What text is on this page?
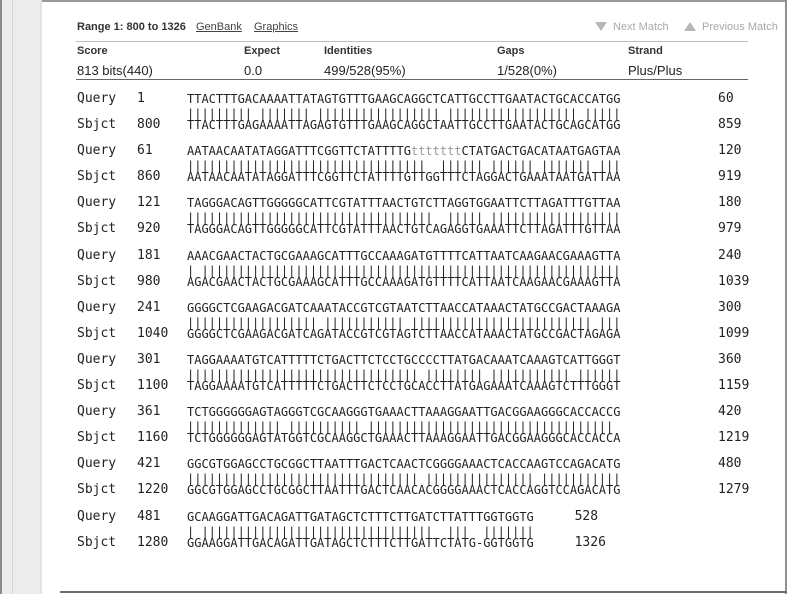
Range 1: 800 to 1326 GenBank Graphics	Next Match	Previous Match
Score	Expect	Identities	Gaps	Strand
813 bits(440)	0.0	499/528(95%)	1/528(0%)	Plus/Plus
Query 1	TTACTTTGACAAAATTATAGTGTTTGAAGCAGGCTCATTGCCTTGAATACTGCACCATGG	60
||||||||| ||||||| ||||||||||||||||| |||||||||||||||||| |||||
Sbjct 800 TTACTTTGAGAAAATTAGAGTGTTTGAAGCAGGCTAATTGCCTTGAATACTGCAGCATGG	859
Query 61	AATAACAATATAGGATTTCGGTTCTATTTTGtttttttCTATGACTGACATAATGAGTAA	120
|||||||||||||||||||||||||||||||||  |||||| |||||| ||||||| |||
Sbjct 860 AATAACAATATAGGATTTCGGTTCTATTTTGTTGGTTTCTAGGACTGAAATAATGATTAA	919
Query 121 TAGGGACAGTTGGGGGCATTCGTATTTAACTGTCTTAGGTGGAATTCTTAGATTTGTTAA	180
||||||||||||||||||||||||||||||||||  ||||| ||||||||||||||||||
Sbjct 920 TAGGGACAGTTGGGGGCATTCGTATTTAACTGTCAGAGGTGAAATTCTTAGATTTGTTAA	979
Query 181 AAACGAACTACTGCGAAAGCATTTGCCAAAGATGTTTTCATTAATCAAGAACGAAAGTTA	240
| ||||||||||||||||||||||||||||||||||||||||||||||||||||||||||
Sbjct 980 AGACGAACTACTGCGAAAGCATTTGCCAAAGATGTTTTCATTAATCAAGAACGAAAGTTA	1039
Query 241 GGGGCTCGAAGACGATCAAATACCGTCGTAATCTTAACCATAAACTATGCCGACTAAAGA	300
|||||||||||||||||| ||||||||||| ||||||||||||||||||||||||| |||
Sbjct 1040 GGGGCTCGAAGACGATCAGATACCGTCGTAGTCTTAACCATAAACTATGCCGACTAGAGA	1099
Query 301 TAGGAAAATGTCATTTTTCTGACTTCTCCTGCCCCTTATGACAAATCAAAGTCATTGGGT	360
|||||||||||||||||||||||||||||||| |||||||| ||||||||||| ||||||
Sbjct 1100 TAGGAAAATGTCATTTTTCTGACTTCTCCTGCACCTTATGAGAAATCAAAGTCTTTGGGT	1159
Query 361 TCTGGGGGGAGTAGGGTCGCAAGGGTGAAACTTAAAGGAATTGACGGAAGGGCACCACCG	420
||||||||||||| |||||||||| ||||||||||||||||||||||||||||||||||
Sbjct 1160 TCTGGGGGGAGTATGGTCGCAAGGCTGAAACTTAAAGGAATTGACGGAAGGGCACCACCA	1219
Query 421 GGCGTGGAGCCTGCGGCTTAATTTGACTCAACTCGGGGAAACTCACCAAGTCCAGACATG	480
|||||||||||||||||||||||||||||||| ||||||||||||||| |||||||||||
Sbjct 1220 GGCGTGGAGCCTGCGGCTTAATTTGACTCAACACGGGGAAACTCACCAGGTCCAGACATG	1279
Query 481 GCAAGGATTGACAGATTGATAGCTCTTTCTTGATCTTATTTGGTGGTG	528
| ||||||||||||||||||||||||||||||||  |||  |||||||
Sbjct 1280 GGAAGGATTGACAGATTGATAGCTCTTTCTTGATTCTATG-GGTGGTG	1326
